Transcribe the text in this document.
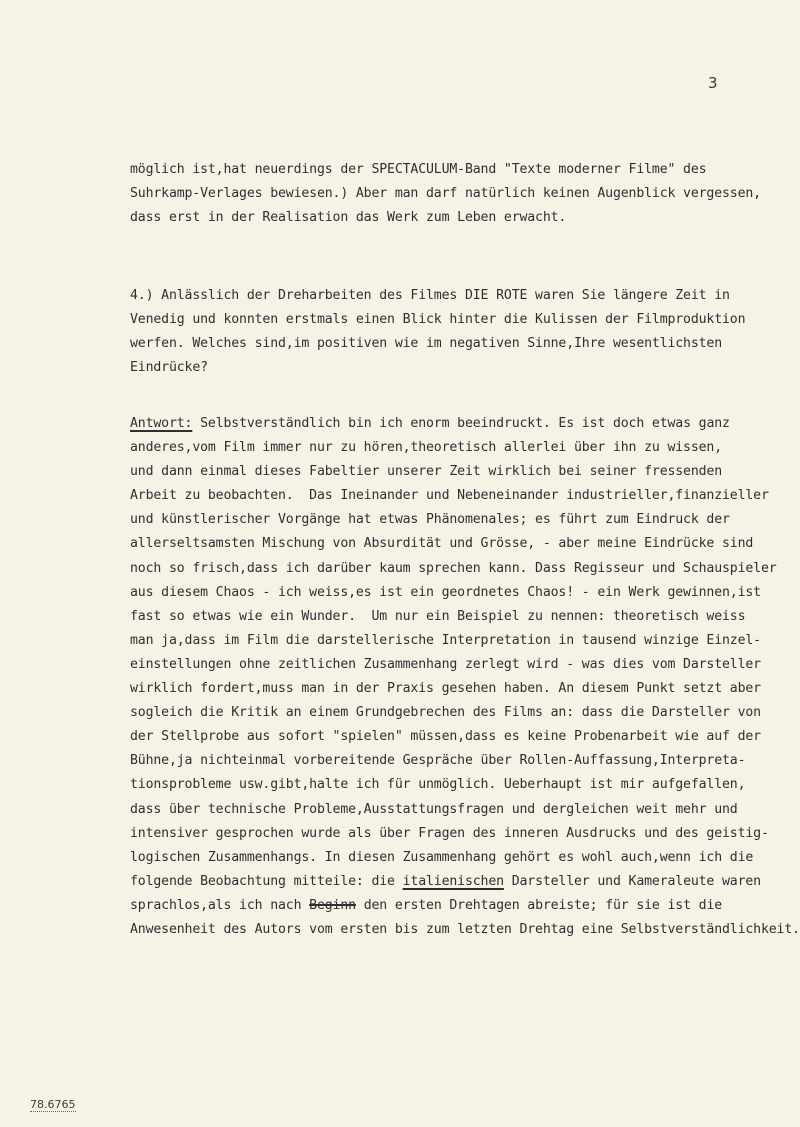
3
möglich ist,hat neuerdings der SPECTACULUM-Band "Texte moderner Filme" des
Suhrkamp-Verlages bewiesen.) Aber man darf natürlich keinen Augenblick vergessen,
dass erst in der Realisation das Werk zum Leben erwacht.
4.) Anlässlich der Dreharbeiten des Filmes DIE ROTE waren Sie längere Zeit in
Venedig und konnten erstmals einen Blick hinter die Kulissen der Filmproduktion
werfen. Welches sind,im positiven wie im negativen Sinne,Ihre wesentlichsten
Eindrücke?
Antwort: Selbstverständlich bin ich enorm beeindruckt. Es ist doch etwas ganz
anderes,vom Film immer nur zu hören,theoretisch allerlei über ihn zu wissen,
und dann einmal dieses Fabeltier unserer Zeit wirklich bei seiner fressenden
Arbeit zu beobachten.  Das Ineinander und Nebeneinander industrieller,finanzieller
und künstlerischer Vorgänge hat etwas Phänomenales; es führt zum Eindruck der
allerseltsamsten Mischung von Absurdität und Grösse, - aber meine Eindrücke sind
noch so frisch,dass ich darüber kaum sprechen kann. Dass Regisseur und Schauspieler
aus diesem Chaos - ich weiss,es ist ein geordnetes Chaos! - ein Werk gewinnen,ist
fast so etwas wie ein Wunder.  Um nur ein Beispiel zu nennen: theoretisch weiss
man ja,dass im Film die darstellerische Interpretation in tausend winzige Einzel-
einstellungen ohne zeitlichen Zusammenhang zerlegt wird - was dies vom Darsteller
wirklich fordert,muss man in der Praxis gesehen haben. An diesem Punkt setzt aber
sogleich die Kritik an einem Grundgebrechen des Films an: dass die Darsteller von
der Stellprobe aus sofort "spielen" müssen,dass es keine Probenarbeit wie auf der
Bühne,ja nichteinmal vorbereitende Gespräche über Rollen-Auffassung,Interpreta-
tionsprobleme usw.gibt,halte ich für unmöglich. Ueberhaupt ist mir aufgefallen,
dass über technische Probleme,Ausstattungsfragen und dergleichen weit mehr und
intensiver gesprochen wurde als über Fragen des inneren Ausdrucks und des geistig-
logischen Zusammenhangs. In diesen Zusammenhang gehört es wohl auch,wenn ich die
folgende Beobachtung mitteile: die italienischen Darsteller und Kameraleute waren
sprachlos,als ich nach Beginn den ersten Drehtagen abreiste; für sie ist die
Anwesenheit des Autors vom ersten bis zum letzten Drehtag eine Selbstverständlichkeit.
78.6765
